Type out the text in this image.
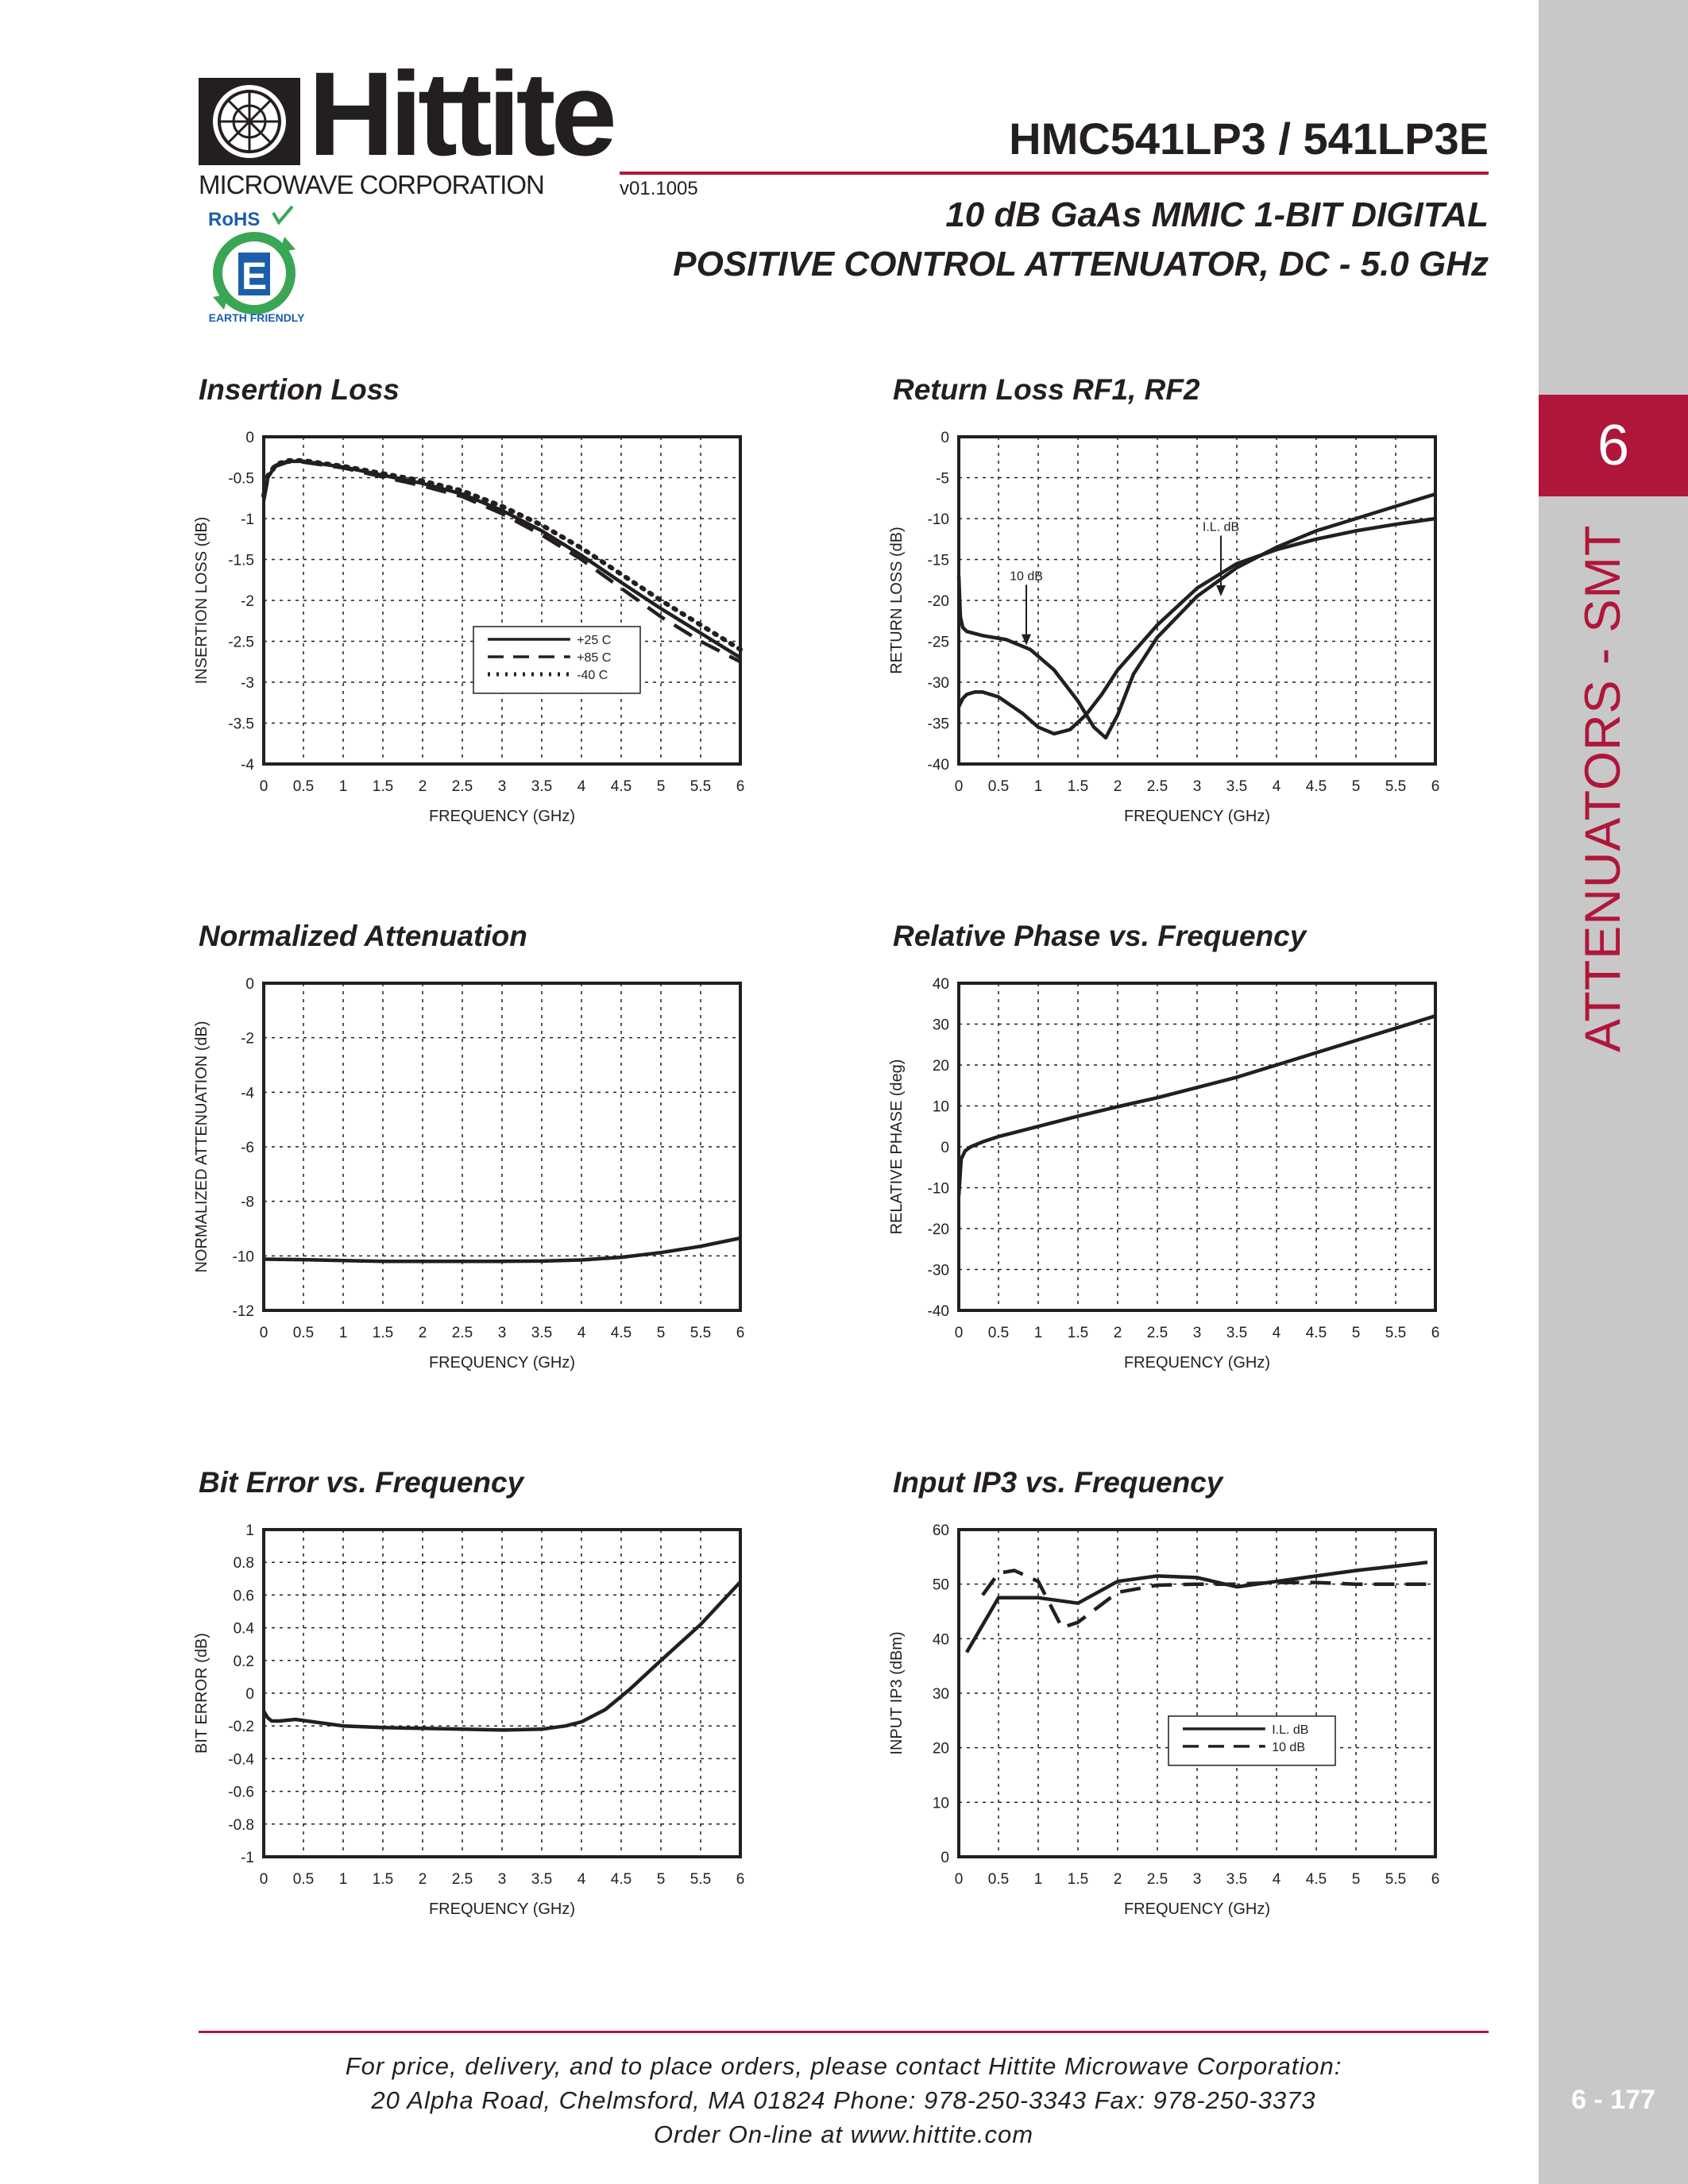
6
ATTENUATORS - SMT
6 - 177
Hittite
MICROWAVE CORPORATION	v01.1005
HMC541LP3 / 541LP3E
10 dB GaAs MMIC 1-BIT DIGITAL
POSITIVE CONTROL ATTENUATOR, DC - 5.0 GHz
RoHS
E
EARTH FRIENDLY
Insertion Loss	Return Loss RF1, RF2
Normalized Attenuation	Relative Phase vs. Frequency
Bit Error vs. Frequency	Input IP3 vs. Frequency
0 0.5 1 1.5 2 2.5 3 3.5 4 4.5 5 5.5 6
0
-0.5
-1
-1.5
-2
-2.5
-3
-3.5
-4
FREQUENCY (GHz)
INSERTION LOSS (dB)	+25 C
+85 C
-40 C
0 0.5 1 1.5 2 2.5 3 3.5 4 4.5 5 5.5 6
0
-5
-10
-15
-20
-25
-30
-35
-40
FREQUENCY (GHz)
RETURN LOSS (dB)	I.L. dB
10 dB
0 0.5 1 1.5 2 2.5 3 3.5 4 4.5 5 5.5 6
0
-2
-4
-6
-8
-10
-12
FREQUENCY (GHz)
NORMALIZED ATTENUATION (dB)
0 0.5 1 1.5 2 2.5 3 3.5 4 4.5 5 5.5 6
40
30
20
10
0
-10
-20
-30
-40
FREQUENCY (GHz)
RELATIVE PHASE (deg)
0 0.5 1 1.5 2 2.5 3 3.5 4 4.5 5 5.5 6
1
0.8
0.6
0.4
0.2
0
-0.2
-0.4
-0.6
-0.8
-1
FREQUENCY (GHz)
BIT ERROR (dB)
0 0.5 1 1.5 2 2.5 3 3.5 4 4.5 5 5.5 6
60
50
40
30
20
10
0
FREQUENCY (GHz)
INPUT IP3 (dBm)	I.L. dB
10 dB
For price, delivery, and to place orders, please contact Hittite Microwave Corporation:
20 Alpha Road, Chelmsford, MA 01824 Phone: 978-250-3343 Fax: 978-250-3373
Order On-line at www.hittite.com
